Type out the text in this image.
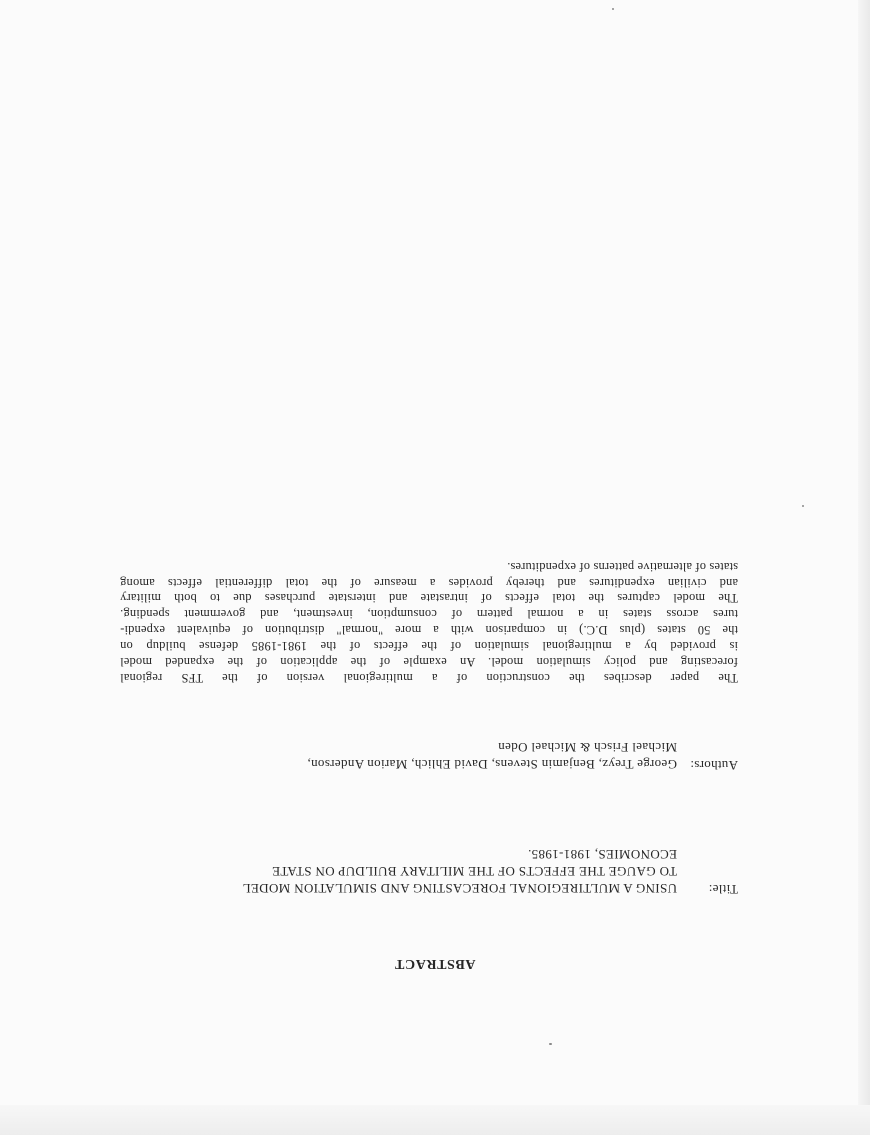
ABSTRACT
Title:
USING A MULTIREGIONAL FORECASTING AND SIMULATION MODEL
TO GAUGE THE EFFECTS OF THE MILITARY BUILDUP ON STATE
ECONOMIES, 1981-1985.
Authors:
George Treyz, Benjamin Stevens, David Ehlich, Marion Anderson,
Michael Frisch & Michael Oden
The paper describes the construction of a multiregional version of the TFS regional
forecasting and policy simulation model. An example of the application of the expanded model
is provided by a multiregional simulation of the effects of the 1981-1985 defense buildup on
the 50 states (plus D.C.) in comparison with a more "normal" distribution of equivalent expendi-
tures across states in a normal pattern of consumption, investment, and government spending.
The model captures the total effects of intrastate and interstate purchases due to both military
and civilian expenditures and thereby provides a measure of the total differential effects among
states of alternative patterns of expenditures.
